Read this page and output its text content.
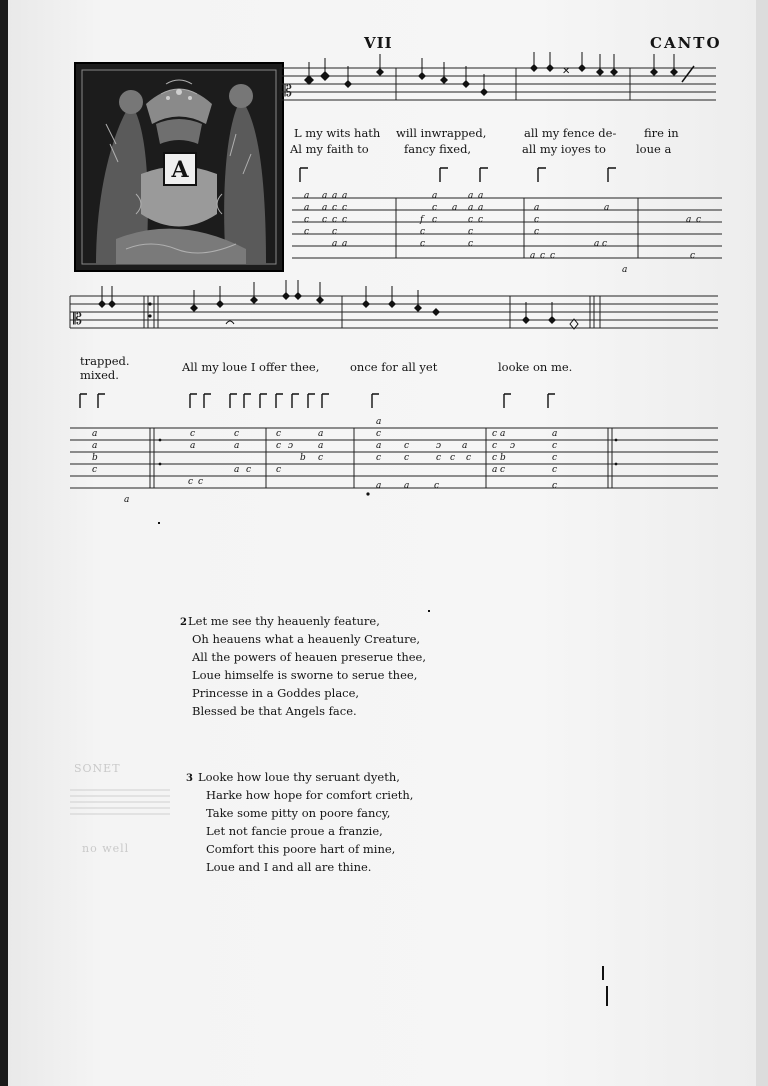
VII	CANTO
A
𝄡
✕
L my wits hath will inwrapped,	all my fence de- fire in
Al my faith to	fancy fixed,	all my ioyes to	loue a
a a a a
a a c c
c c c c
c	c
a a
a	a a
c a a a
f c	c c
c	c
c	c
a	a
c
c
a c
a c c
a c
c
a
𝄡
trapped.
mixed.
All my loue I offer thee,	once for all yet	looke on me.
a
a
b
c
a
c	c	c	a
a	a	c ɔ	a
b c
a c	c
c c
a
c
a	c	ɔ a
c	c	c c c
a	a	c
c a	a
c ɔ	c
c b	c
a c	c
c
2 Let me see thy heauenly feature,
Oh heauens what a heauenly Creature,
All the powers of heauen preserue thee,
Loue himselfe is sworne to serue thee,
Princesse in a Goddes place,
Blessed be that Angels face.
SONET
no well
3 Looke how loue thy seruant dyeth,
Harke how hope for comfort crieth,
Take some pitty on poore fancy,
Let not fancie proue a franzie,
Comfort this poore hart of mine,
Loue and I and all are thine.
